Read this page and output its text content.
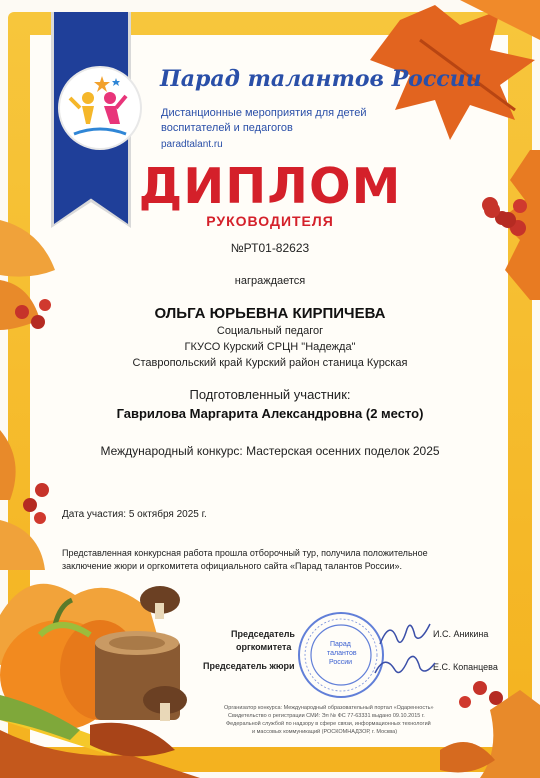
Парад талантов России
Дистанционные мероприятия для детей
воспитателей и педагогов
paradtalant.ru
ДИПЛОМ
РУКОВОДИТЕЛЯ
№РТ01-82623
награждается
ОЛЬГА ЮРЬЕВНА КИРПИЧЕВА
Социальный педагог
ГКУСО Курский СРЦН "Надежда"
Ставропольский край Курский район станица Курская
Подготовленный участник:
Гаврилова Маргарита Александровна (2 место)
Международный конкурс: Мастерская осенних поделок 2025
Дата участия: 5 октября 2025 г.
Представленная конкурсная работа прошла отборочный тур, получила положительное
заключение жюри и оргкомитета официального сайта «Парад талантов России».
Парад
талантов
России
Председатель
оргкомитета
И.С. Аникина
Председатель жюри	Е.С. Копанцева
Организатор конкурса: Международный образовательный портал «Одаренность»
Свидетельство о регистрации СМИ: Эл № ФС 77-63331 выдано 09.10.2015 г.
Федеральной службой по надзору в сфере связи, информационных технологий
и массовых коммуникаций (РОСКОМНАДЗОР, г. Москва)
